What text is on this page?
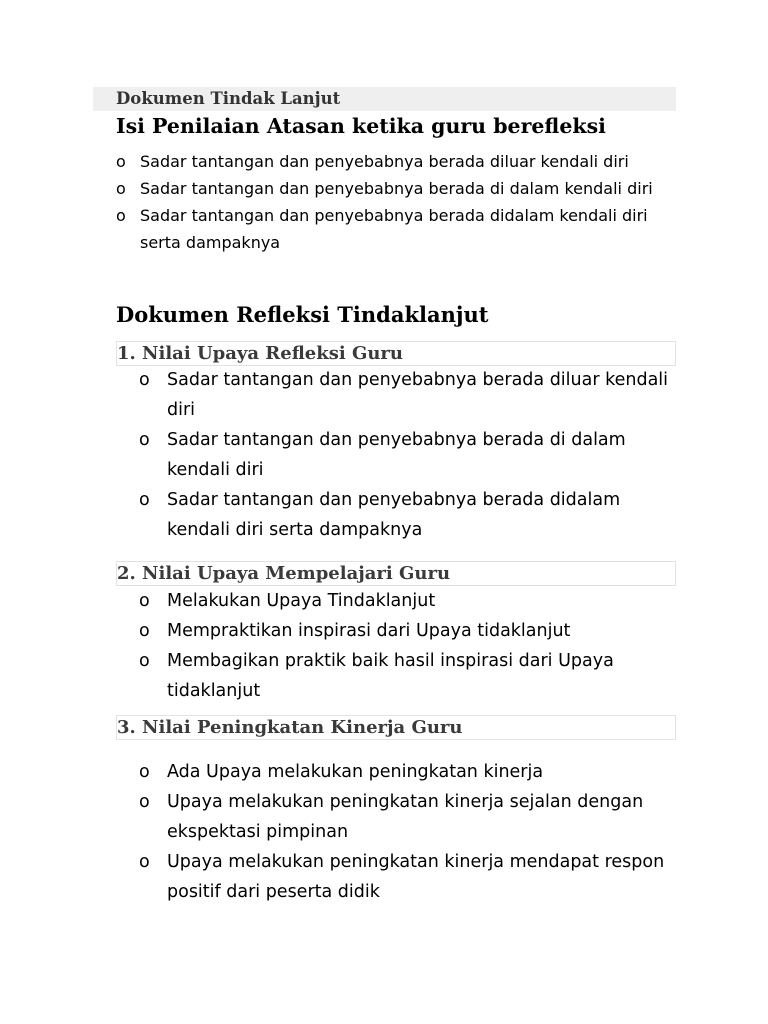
Dokumen Tindak Lanjut
Isi Penilaian Atasan ketika guru berefleksi
o Sadar tantangan dan penyebabnya berada diluar kendali diri
o Sadar tantangan dan penyebabnya berada di dalam kendali diri
o Sadar tantangan dan penyebabnya berada didalam kendali diri serta dampaknya
Dokumen Refleksi Tindaklanjut
1. Nilai Upaya Refleksi Guru
o Sadar tantangan dan penyebabnya berada diluar kendali diri
o Sadar tantangan dan penyebabnya berada di dalam kendali diri
o Sadar tantangan dan penyebabnya berada didalam kendali diri serta dampaknya
2. Nilai Upaya Mempelajari Guru
o Melakukan Upaya Tindaklanjut
o Mempraktikan inspirasi dari Upaya tidaklanjut
o Membagikan praktik baik hasil inspirasi dari Upaya tidaklanjut
3. Nilai Peningkatan Kinerja Guru
o Ada Upaya melakukan peningkatan kinerja
o Upaya melakukan peningkatan kinerja sejalan dengan ekspektasi pimpinan
o Upaya melakukan peningkatan kinerja mendapat respon positif dari peserta didik
